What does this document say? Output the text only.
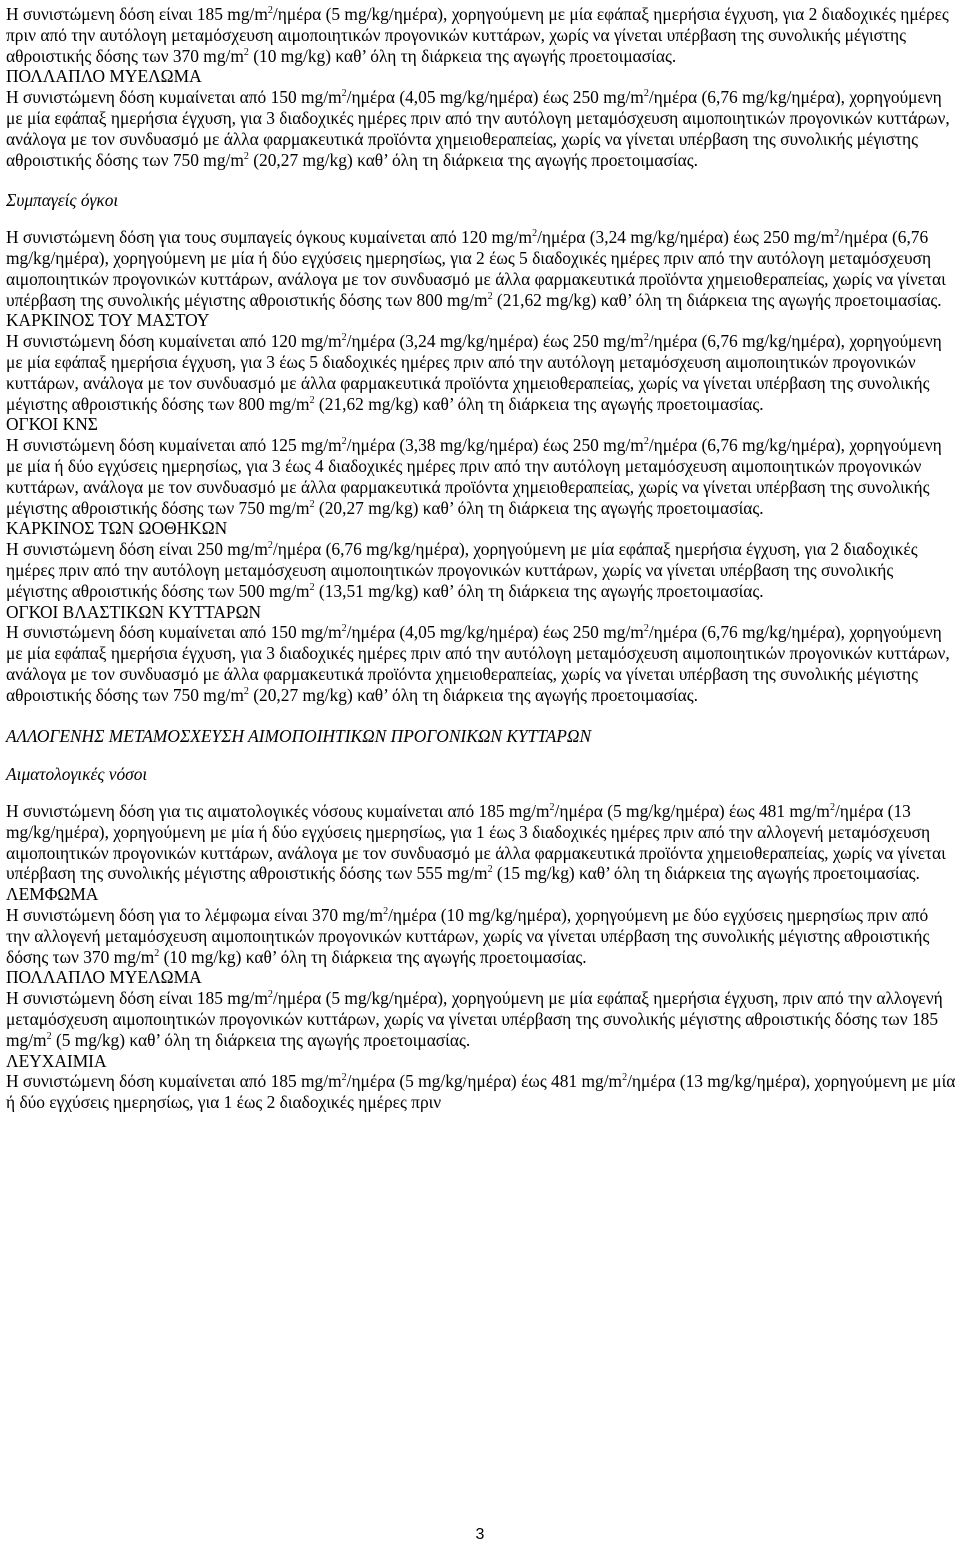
Η συνιστώμενη δόση είναι 185 $mg/m^2$/ημέρα (5 mg/kg/ημέρα), χορηγούμενη με μία εφάπαξ ημερήσια έγχυση, για 2 διαδοχικές ημέρες πριν από την αυτόλογη μεταμόσχευση αιμοποιητικών προγονικών κυττάρων, χωρίς να γίνεται υπέρβαση της συνολικής μέγιστης αθροιστικής δόσης των 370 $mg/m^2$ (10 mg/kg) καθ’ όλη τη διάρκεια της αγωγής προετοιμασίας.

ΠΟΛΛΑΠΛΟ ΜΥΕΛΩΜΑ

Η συνιστώμενη δόση κυμαίνεται από 150 $mg/m^2$/ημέρα (4,05 mg/kg/ημέρα) έως 250 $mg/m^2$/ημέρα (6,76 mg/kg/ημέρα), χορηγούμενη με μία εφάπαξ ημερήσια έγχυση, για 3 διαδοχικές ημέρες πριν από την αυτόλογη μεταμόσχευση αιμοποιητικών προγονικών κυττάρων, ανάλογα με τον συνδυασμό με άλλα φαρμακευτικά προϊόντα χημειοθεραπείας, χωρίς να γίνεται υπέρβαση της συνολικής μέγιστης αθροιστικής δόσης των 750 $mg/m^2$ (20,27 mg/kg) καθ’ όλη τη διάρκεια της αγωγής προετοιμασίας.

Συμπαγείς όγκοι

Η συνιστώμενη δόση για τους συμπαγείς όγκους κυμαίνεται από 120 $mg/m^2$/ημέρα (3,24 mg/kg/ημέρα) έως 250 $mg/m^2$/ημέρα (6,76 mg/kg/ημέρα), χορηγούμενη με μία ή δύο εγχύσεις ημερησίως, για 2 έως 5 διαδοχικές ημέρες πριν από την αυτόλογη μεταμόσχευση αιμοποιητικών προγονικών κυττάρων, ανάλογα με τον συνδυασμό με άλλα φαρμακευτικά προϊόντα χημειοθεραπείας, χωρίς να γίνεται υπέρβαση της συνολικής μέγιστης αθροιστικής δόσης των 800 $mg/m^2$ (21,62 mg/kg) καθ’ όλη τη διάρκεια της αγωγής προετοιμασίας.

ΚΑΡΚΙΝΟΣ ΤΟΥ ΜΑΣΤΟΥ

Η συνιστώμενη δόση κυμαίνεται από 120 $mg/m^2$/ημέρα (3,24 mg/kg/ημέρα) έως 250 $mg/m^2$/ημέρα (6,76 mg/kg/ημέρα), χορηγούμενη με μία εφάπαξ ημερήσια έγχυση, για 3 έως 5 διαδοχικές ημέρες πριν από την αυτόλογη μεταμόσχευση αιμοποιητικών προγονικών κυττάρων, ανάλογα με τον συνδυασμό με άλλα φαρμακευτικά προϊόντα χημειοθεραπείας, χωρίς να γίνεται υπέρβαση της συνολικής μέγιστης αθροιστικής δόσης των 800 $mg/m^2$ (21,62 mg/kg) καθ’ όλη τη διάρκεια της αγωγής προετοιμασίας.

ΟΓΚΟΙ ΚΝΣ

Η συνιστώμενη δόση κυμαίνεται από 125 $mg/m^2$/ημέρα (3,38 mg/kg/ημέρα) έως 250 $mg/m^2$/ημέρα (6,76 mg/kg/ημέρα), χορηγούμενη με μία ή δύο εγχύσεις ημερησίως, για 3 έως 4 διαδοχικές ημέρες πριν από την αυτόλογη μεταμόσχευση αιμοποιητικών προγονικών κυττάρων, ανάλογα με τον συνδυασμό με άλλα φαρμακευτικά προϊόντα χημειοθεραπείας, χωρίς να γίνεται υπέρβαση της συνολικής μέγιστης αθροιστικής δόσης των 750 $mg/m^2$ (20,27 mg/kg) καθ’ όλη τη διάρκεια της αγωγής προετοιμασίας.

ΚΑΡΚΙΝΟΣ ΤΩΝ ΩΟΘΗΚΩΝ

Η συνιστώμενη δόση είναι 250 $mg/m^2$/ημέρα (6,76 mg/kg/ημέρα), χορηγούμενη με μία εφάπαξ ημερήσια έγχυση, για 2 διαδοχικές ημέρες πριν από την αυτόλογη μεταμόσχευση αιμοποιητικών προγονικών κυττάρων, χωρίς να γίνεται υπέρβαση της συνολικής μέγιστης αθροιστικής δόσης των 500 $mg/m^2$ (13,51 mg/kg) καθ’ όλη τη διάρκεια της αγωγής προετοιμασίας.

ΟΓΚΟΙ ΒΛΑΣΤΙΚΩΝ ΚΥΤΤΑΡΩΝ

Η συνιστώμενη δόση κυμαίνεται από 150 $mg/m^2$/ημέρα (4,05 mg/kg/ημέρα) έως 250 $mg/m^2$/ημέρα (6,76 mg/kg/ημέρα), χορηγούμενη με μία εφάπαξ ημερήσια έγχυση, για 3 διαδοχικές ημέρες πριν από την αυτόλογη μεταμόσχευση αιμοποιητικών προγονικών κυττάρων, ανάλογα με τον συνδυασμό με άλλα φαρμακευτικά προϊόντα χημειοθεραπείας, χωρίς να γίνεται υπέρβαση της συνολικής μέγιστης αθροιστικής δόσης των 750 $mg/m^2$ (20,27 mg/kg) καθ’ όλη τη διάρκεια της αγωγής προετοιμασίας.

ΑΛΛΟΓΕΝΗΣ ΜΕΤΑΜΟΣΧΕΥΣΗ ΑΙΜΟΠΟΙΗΤΙΚΩΝ ΠΡΟΓΟΝΙΚΩΝ ΚΥΤΤΑΡΩΝ

Αιματολογικές νόσοι

Η συνιστώμενη δόση για τις αιματολογικές νόσους κυμαίνεται από 185 $mg/m^2$/ημέρα (5 mg/kg/ημέρα) έως 481 $mg/m^2$/ημέρα (13 mg/kg/ημέρα), χορηγούμενη με μία ή δύο εγχύσεις ημερησίως, για 1 έως 3 διαδοχικές ημέρες πριν από την αλλογενή μεταμόσχευση αιμοποιητικών προγονικών κυττάρων, ανάλογα με τον συνδυασμό με άλλα φαρμακευτικά προϊόντα χημειοθεραπείας, χωρίς να γίνεται υπέρβαση της συνολικής μέγιστης αθροιστικής δόσης των 555 $mg/m^2$ (15 mg/kg) καθ’ όλη τη διάρκεια της αγωγής προετοιμασίας.

ΛΕΜΦΩΜΑ

Η συνιστώμενη δόση για το λέμφωμα είναι 370 $mg/m^2$/ημέρα (10 mg/kg/ημέρα), χορηγούμενη με δύο εγχύσεις ημερησίως πριν από την αλλογενή μεταμόσχευση αιμοποιητικών προγονικών κυττάρων, χωρίς να γίνεται υπέρβαση της συνολικής μέγιστης αθροιστικής δόσης των 370 $mg/m^2$ (10 mg/kg) καθ’ όλη τη διάρκεια της αγωγής προετοιμασίας.

ΠΟΛΛΑΠΛΟ ΜΥΕΛΩΜΑ

Η συνιστώμενη δόση είναι 185 $mg/m^2$/ημέρα (5 mg/kg/ημέρα), χορηγούμενη με μία εφάπαξ ημερήσια έγχυση, πριν από την αλλογενή μεταμόσχευση αιμοποιητικών προγονικών κυττάρων, χωρίς να γίνεται υπέρβαση της συνολικής μέγιστης αθροιστικής δόσης των 185 $mg/m^2$ (5 mg/kg) καθ’ όλη τη διάρκεια της αγωγής προετοιμασίας.

ΛΕΥΧΑΙΜΙΑ

Η συνιστώμενη δόση κυμαίνεται από 185 $mg/m^2$/ημέρα (5 mg/kg/ημέρα) έως 481 $mg/m^2$/ημέρα (13 mg/kg/ημέρα), χορηγούμενη με μία ή δύο εγχύσεις ημερησίως, για 1 έως 2 διαδοχικές ημέρες πριν

3
